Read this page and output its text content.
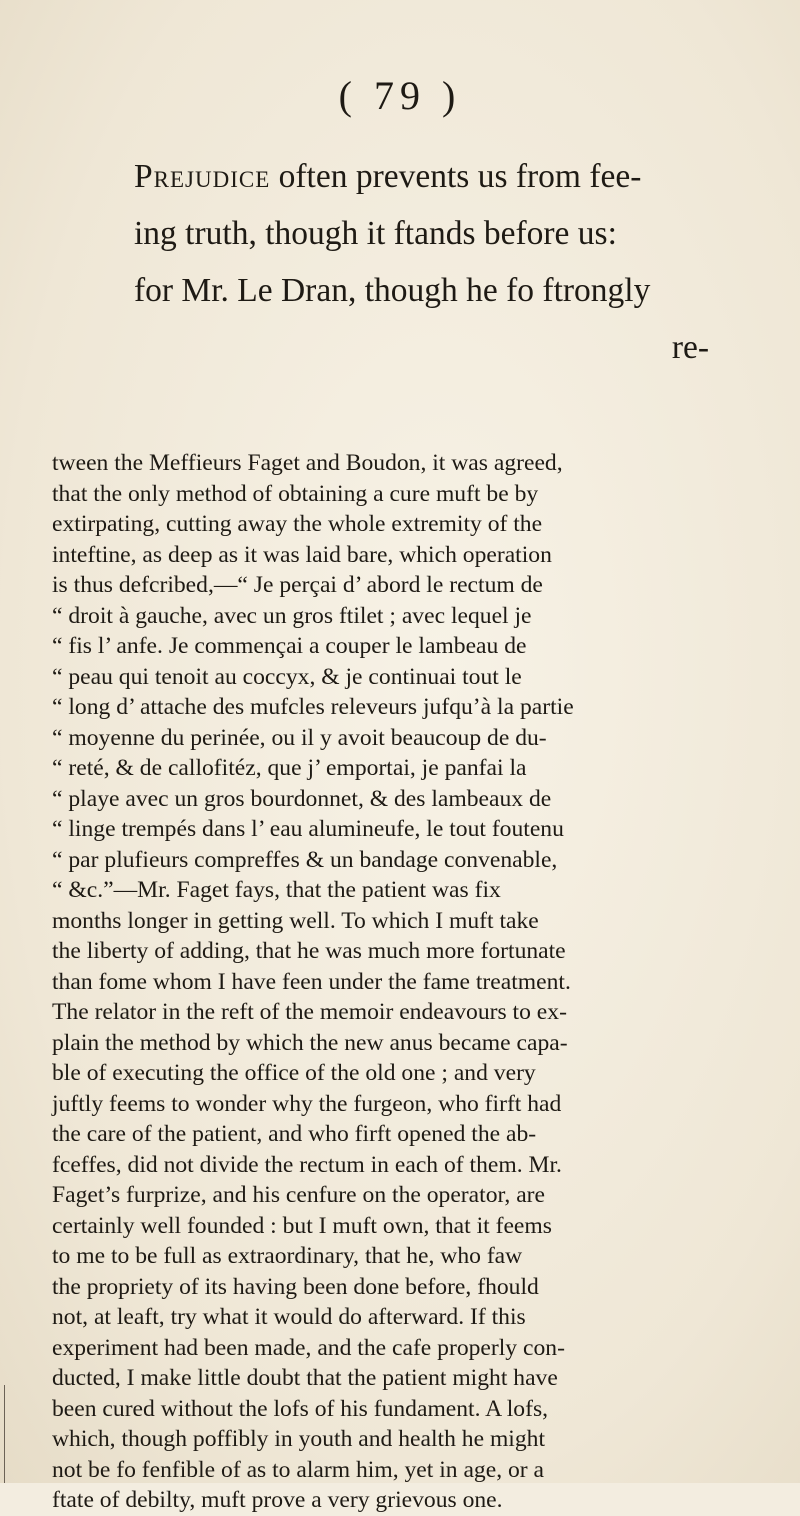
( 79 )
Prejudice often prevents us from fee-
ing truth, though it ftands before us:
for Mr. Le Dran, though he fo ftrongly
re-
tween the Meffieurs Faget and Boudon, it was agreed,
that the only method of obtaining a cure muft be by
extirpating, cutting away the whole extremity of the
inteftine, as deep as it was laid bare, which operation
is thus defcribed,—“ Je perçai d’ abord le rectum de
“ droit à gauche, avec un gros ftilet ; avec lequel je
“ fis l’ anfe. Je commençai a couper le lambeau de
“ peau qui tenoit au coccyx, & je continuai tout le
“ long d’ attache des mufcles releveurs jufqu’à la partie
“ moyenne du perinée, ou il y avoit beaucoup de du-
“ reté, & de callofitéz, que j’ emportai, je panfai la
“ playe avec un gros bourdonnet, & des lambeaux de
“ linge trempés dans l’ eau alumineufe, le tout foutenu
“ par plufieurs compreffes & un bandage convenable,
“ &c.”—Mr. Faget fays, that the patient was fix
months longer in getting well. To which I muft take
the liberty of adding, that he was much more fortunate
than fome whom I have feen under the fame treatment.
The relator in the reft of the memoir endeavours to ex-
plain the method by which the new anus became capa-
ble of executing the office of the old one ; and very
juftly feems to wonder why the furgeon, who firft had
the care of the patient, and who firft opened the ab-
fceffes, did not divide the rectum in each of them. Mr.
Faget’s furprize, and his cenfure on the operator, are
certainly well founded : but I muft own, that it feems
to me to be full as extraordinary, that he, who faw
the propriety of its having been done before, fhould
not, at leaft, try what it would do afterward. If this
experiment had been made, and the cafe properly con-
ducted, I make little doubt that the patient might have
been cured without the lofs of his fundament. A lofs,
which, though poffibly in youth and health he might
not be fo fenfible of as to alarm him, yet in age, or a
ftate of debilty, muft prove a very grievous one.
